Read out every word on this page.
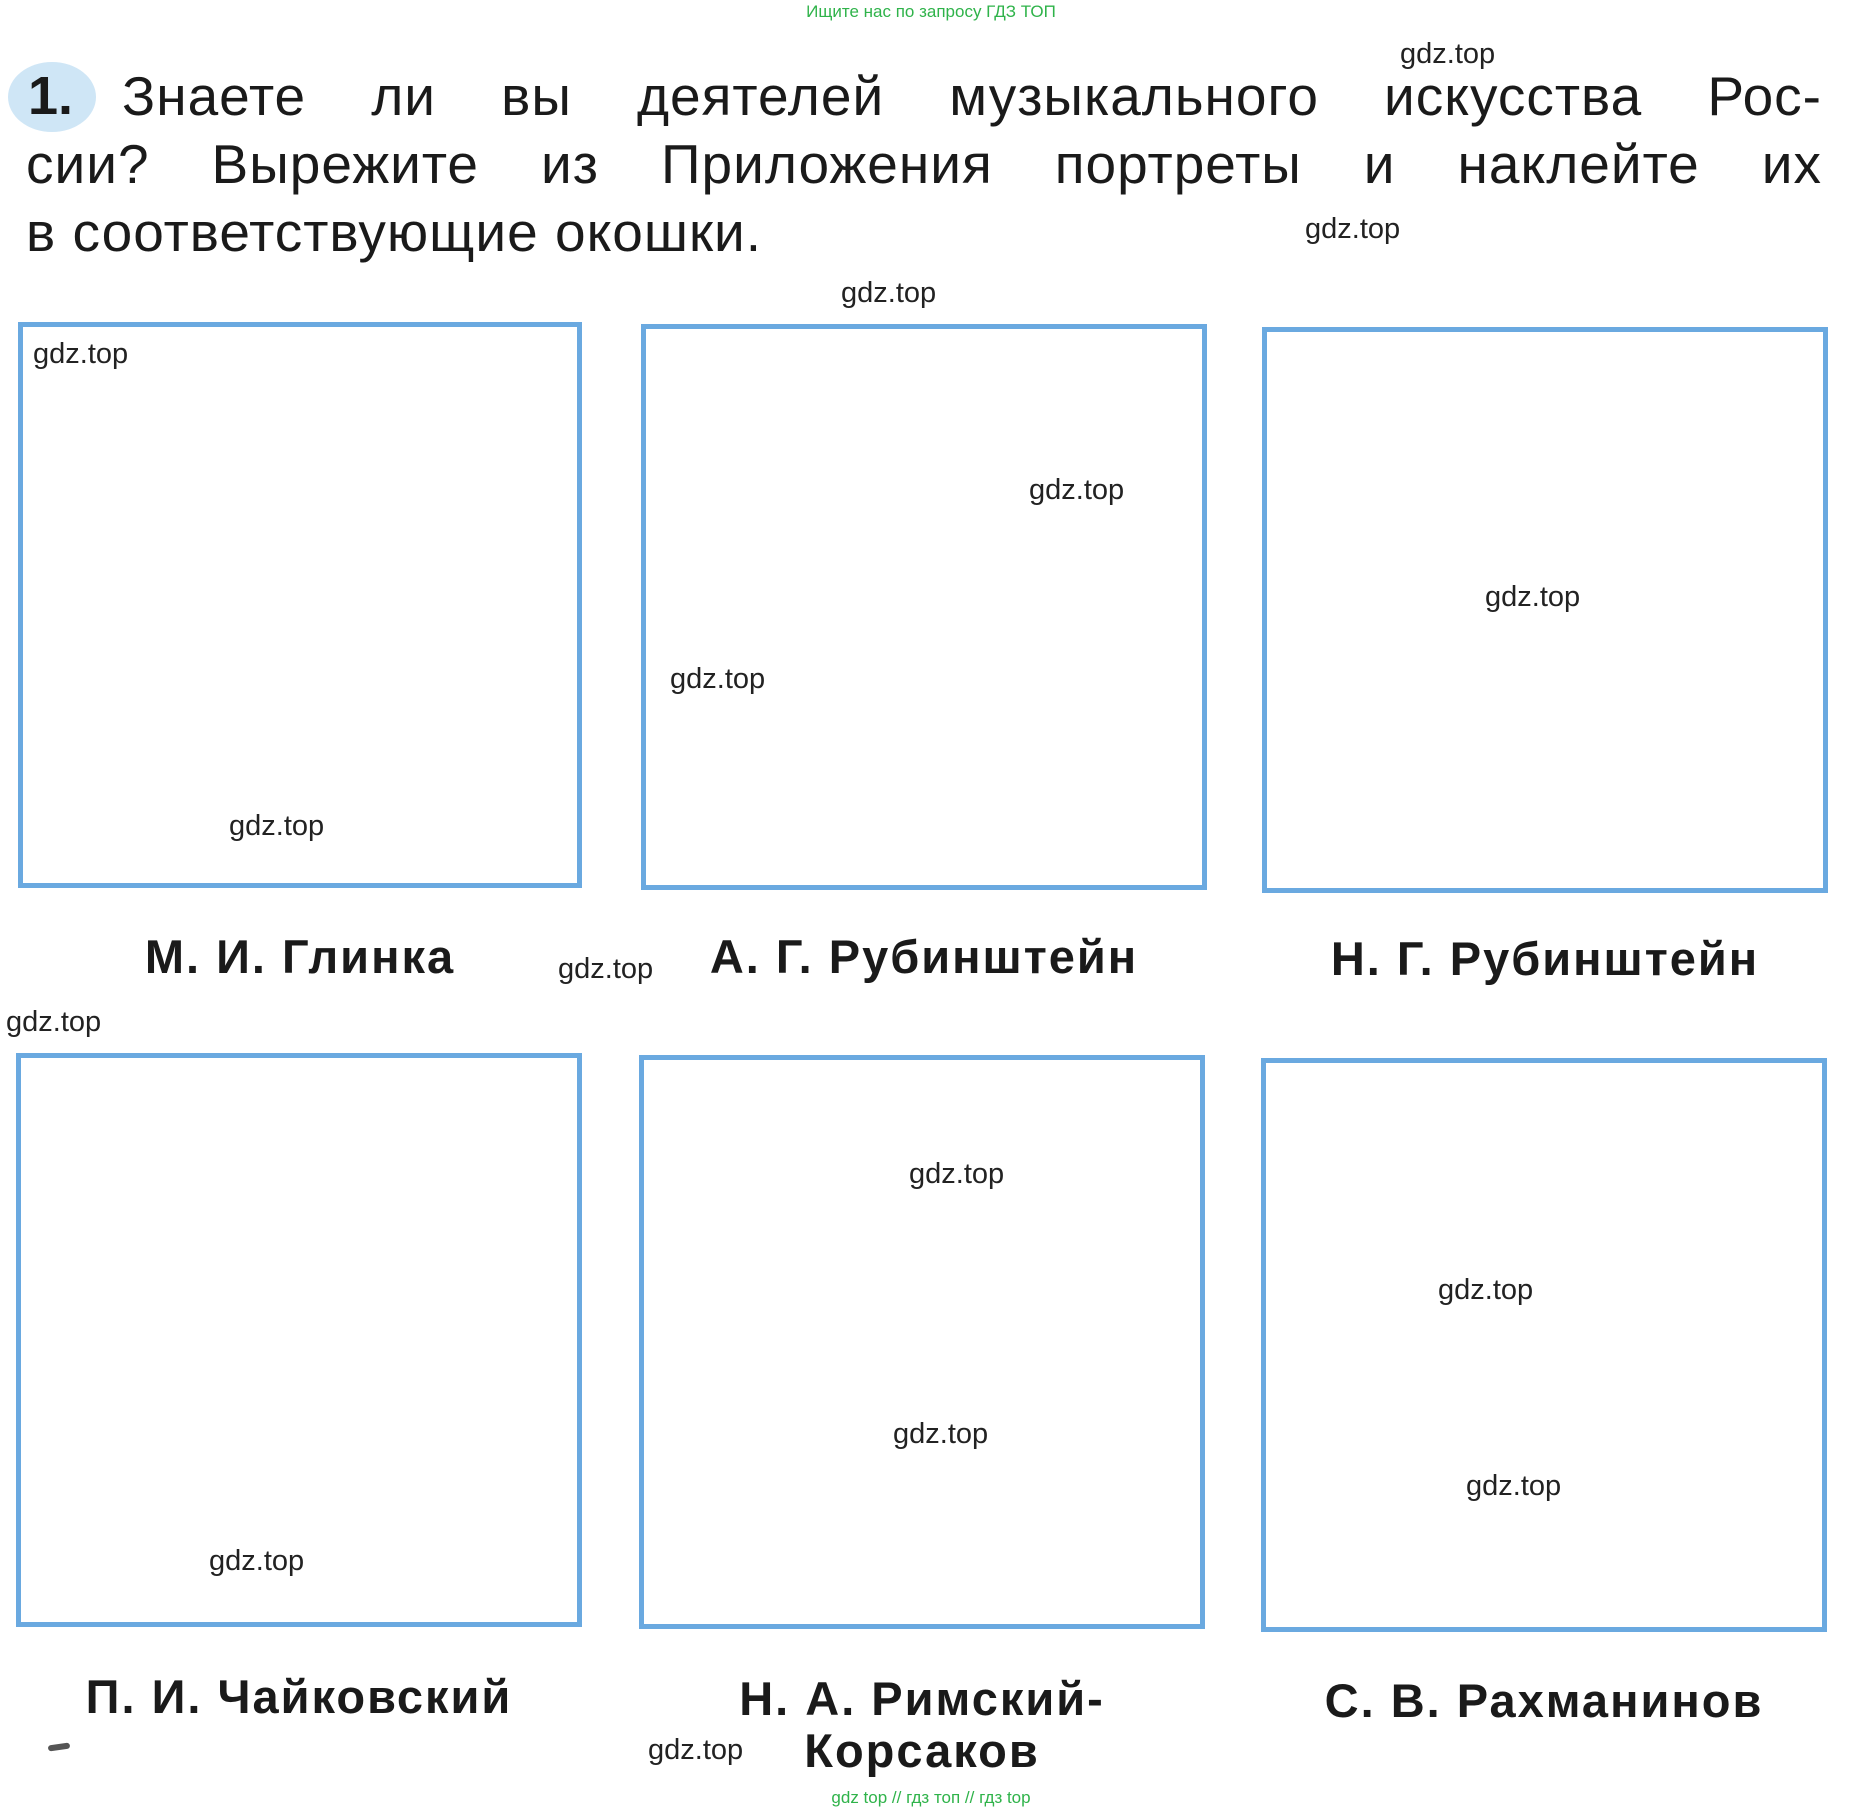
Ищите нас по запросу ГДЗ ТОП
1. Знаете ли вы деятелей музыкального искусства Рос-
сии? Вырежите из Приложения портреты и наклейте их
в соответствующие окошки.
М. И. Глинка	А. Г. Рубинштейн	Н. Г. Рубинштейн
П. И. Чайковский	Н. А. Римский-
Корсаков
С. В. Рахманинов
gdz.top
gdz.top
gdz.top
gdz.top
gdz.top
gdz.top
gdz.top
gdz.top
gdz.top
gdz.top
gdz.top
gdz.top
gdz.top
gdz.top
gdz.top
gdz.top
gdz top // гдз топ // гдз top
